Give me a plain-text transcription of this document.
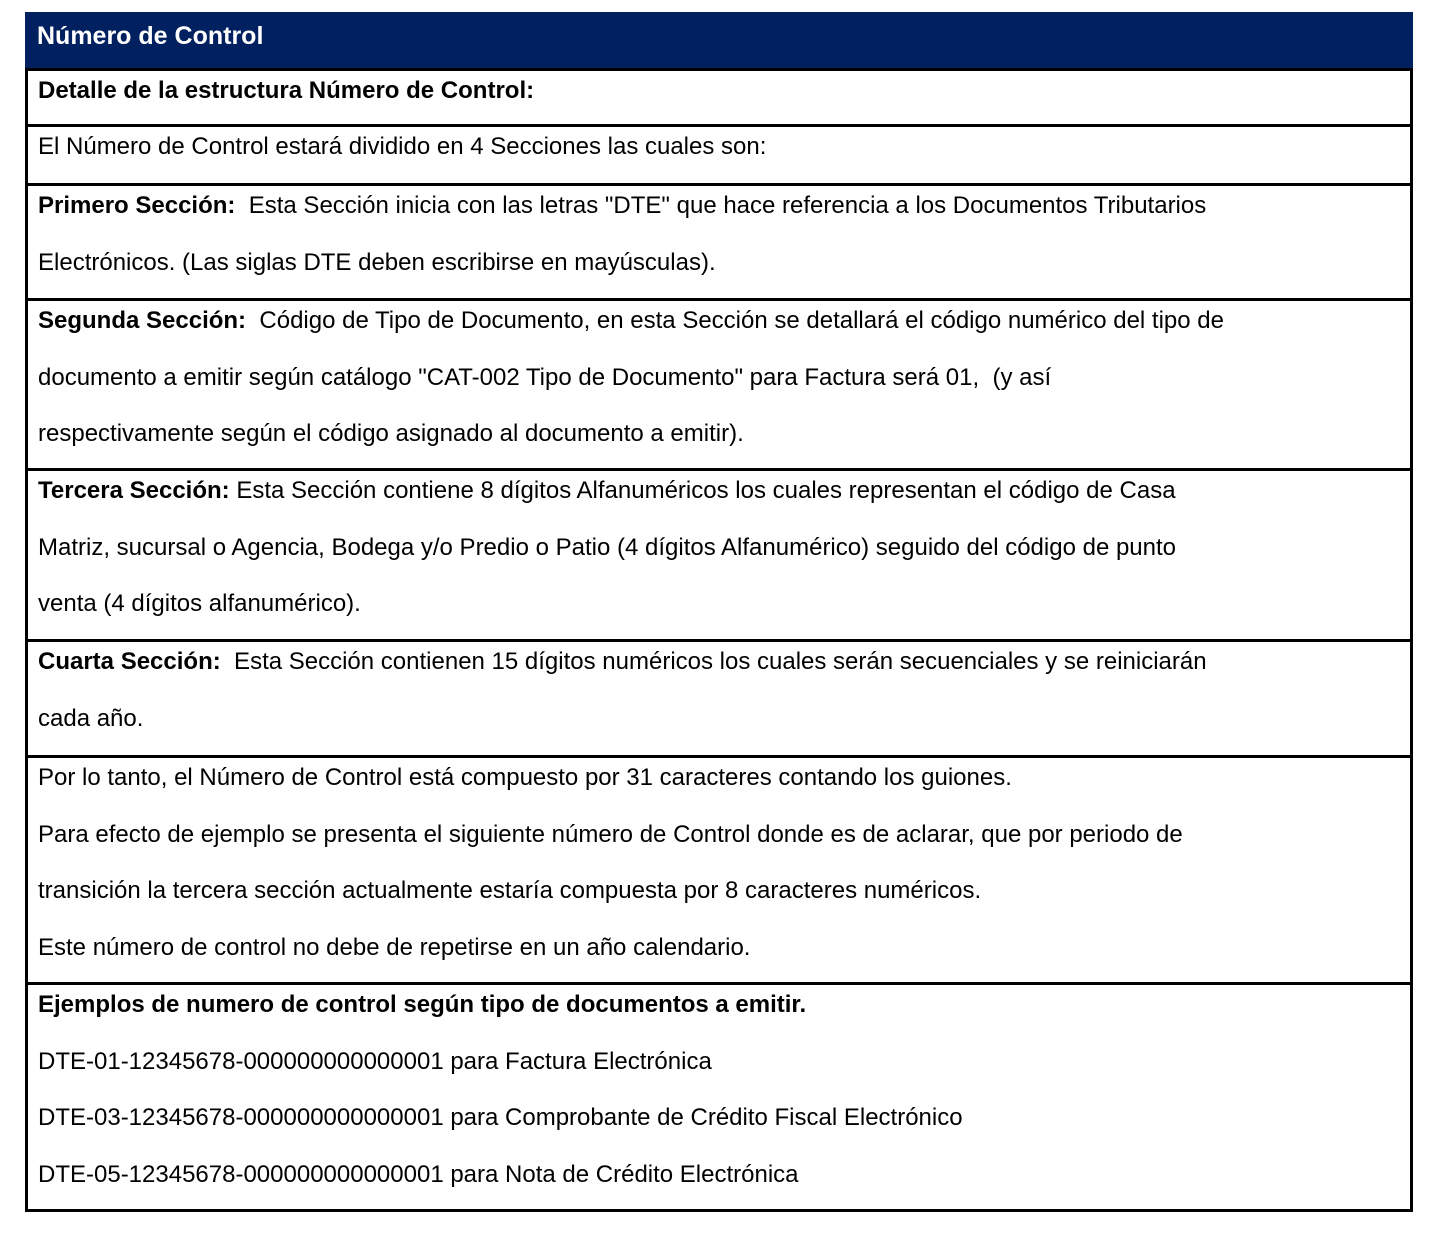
Número de Control
Detalle de la estructura Número de Control:
El Número de Control estará dividido en 4 Secciones las cuales son:
Primero Sección:  Esta Sección inicia con las letras "DTE" que hace referencia a los Documentos Tributarios
Electrónicos. (Las siglas DTE deben escribirse en mayúsculas).
Segunda Sección:  Código de Tipo de Documento, en esta Sección se detallará el código numérico del tipo de
documento a emitir según catálogo "CAT-002 Tipo de Documento" para Factura será 01,  (y así
respectivamente según el código asignado al documento a emitir).
Tercera Sección: Esta Sección contiene 8 dígitos Alfanuméricos los cuales representan el código de Casa
Matriz, sucursal o Agencia, Bodega y/o Predio o Patio (4 dígitos Alfanumérico) seguido del código de punto
venta (4 dígitos alfanumérico).
Cuarta Sección:  Esta Sección contienen 15 dígitos numéricos los cuales serán secuenciales y se reiniciarán
cada año.
Por lo tanto, el Número de Control está compuesto por 31 caracteres contando los guiones.
Para efecto de ejemplo se presenta el siguiente número de Control donde es de aclarar, que por periodo de
transición la tercera sección actualmente estaría compuesta por 8 caracteres numéricos.
Este número de control no debe de repetirse en un año calendario.
Ejemplos de numero de control según tipo de documentos a emitir.
DTE-01-12345678-000000000000001 para Factura Electrónica
DTE-03-12345678-000000000000001 para Comprobante de Crédito Fiscal Electrónico
DTE-05-12345678-000000000000001 para Nota de Crédito Electrónica
